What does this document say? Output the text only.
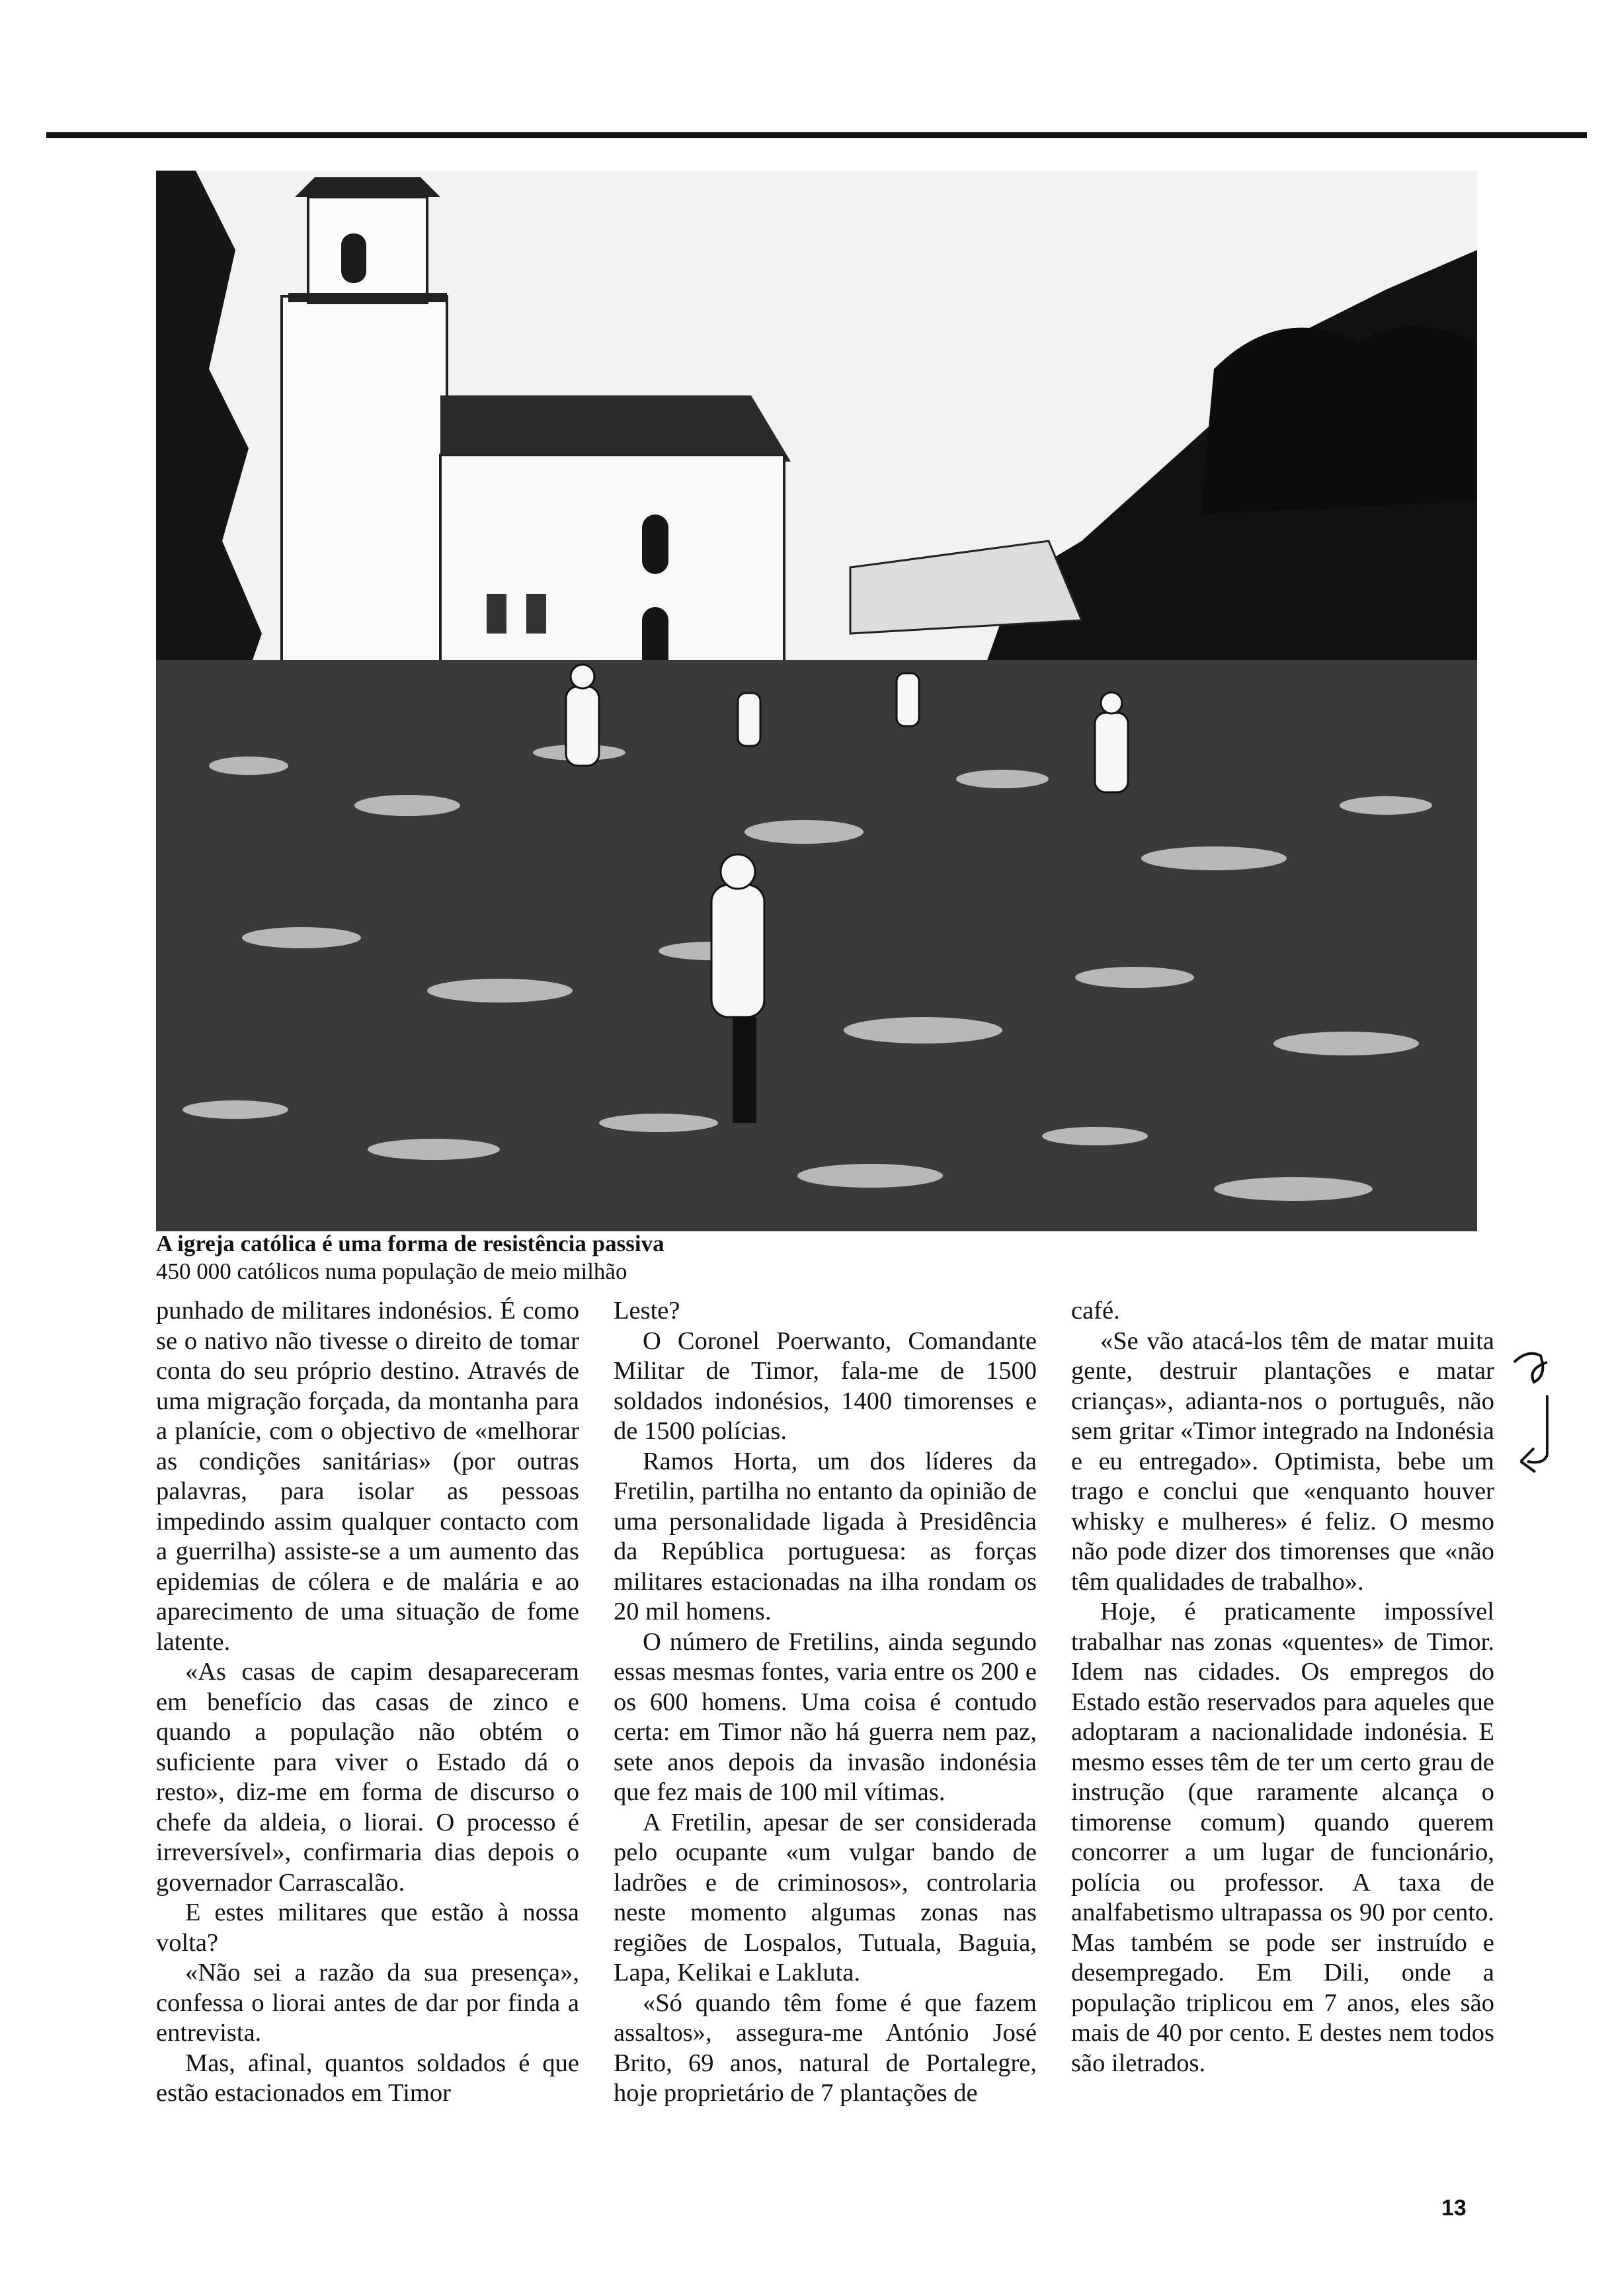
A igreja católica é uma forma de resistência passiva
450 000 católicos numa população de meio milhão

punhado de militares indonésios. É como se o nativo não tivesse o direito de tomar conta do seu próprio destino. Através de uma migração forçada, da montanha para a planície, com o objectivo de «melhorar as condições sanitárias» (por outras palavras, para isolar as pessoas impedindo assim qualquer contacto com a guerrilha) assiste-se a um aumento das epidemias de cólera e de malária e ao aparecimento de uma situação de fome latente.

«As casas de capim desapareceram em benefício das casas de zinco e quando a população não obtém o suficiente para viver o Estado dá o resto», diz-me em forma de discurso o chefe da aldeia, o liorai. O processo é irreversível», confirmaria dias depois o governador Carrascalão.

E estes militares que estão à nossa volta?

«Não sei a razão da sua presença», confessa o liorai antes de dar por finda a entrevista.

Mas, afinal, quantos soldados é que estão estacionados em Timor

Leste?

O Coronel Poerwanto, Comandante Militar de Timor, fala-me de 1500 soldados indonésios, 1400 timorenses e de 1500 polícias.

Ramos Horta, um dos líderes da Fretilin, partilha no entanto da opinião de uma personalidade ligada à Presidência da República portuguesa: as forças militares estacionadas na ilha rondam os 20 mil homens.

O número de Fretilins, ainda segundo essas mesmas fontes, varia entre os 200 e os 600 homens. Uma coisa é contudo certa: em Timor não há guerra nem paz, sete anos depois da invasão indonésia que fez mais de 100 mil vítimas.

A Fretilin, apesar de ser considerada pelo ocupante «um vulgar bando de ladrões e de criminosos», controlaria neste momento algumas zonas nas regiões de Lospalos, Tutuala, Baguia, Lapa, Kelikai e Lakluta.

«Só quando têm fome é que fazem assaltos», assegura-me António José Brito, 69 anos, natural de Portalegre, hoje proprietário de 7 plantações de

café.

«Se vão atacá-los têm de matar muita gente, destruir plantações e matar crianças», adianta-nos o português, não sem gritar «Timor integrado na Indonésia e eu entregado». Optimista, bebe um trago e conclui que «enquanto houver whisky e mulheres» é feliz. O mesmo não pode dizer dos timorenses que «não têm qualidades de trabalho».

Hoje, é praticamente impossível trabalhar nas zonas «quentes» de Timor. Idem nas cidades. Os empregos do Estado estão reservados para aqueles que adoptaram a nacionalidade indonésia. E mesmo esses têm de ter um certo grau de instrução (que raramente alcança o timorense comum) quando querem concorrer a um lugar de funcionário, polícia ou professor. A taxa de analfabetismo ultrapassa os 90 por cento. Mas também se pode ser instruído e desempregado. Em Dili, onde a população triplicou em 7 anos, eles são mais de 40 por cento. E destes nem todos são iletrados.

13
